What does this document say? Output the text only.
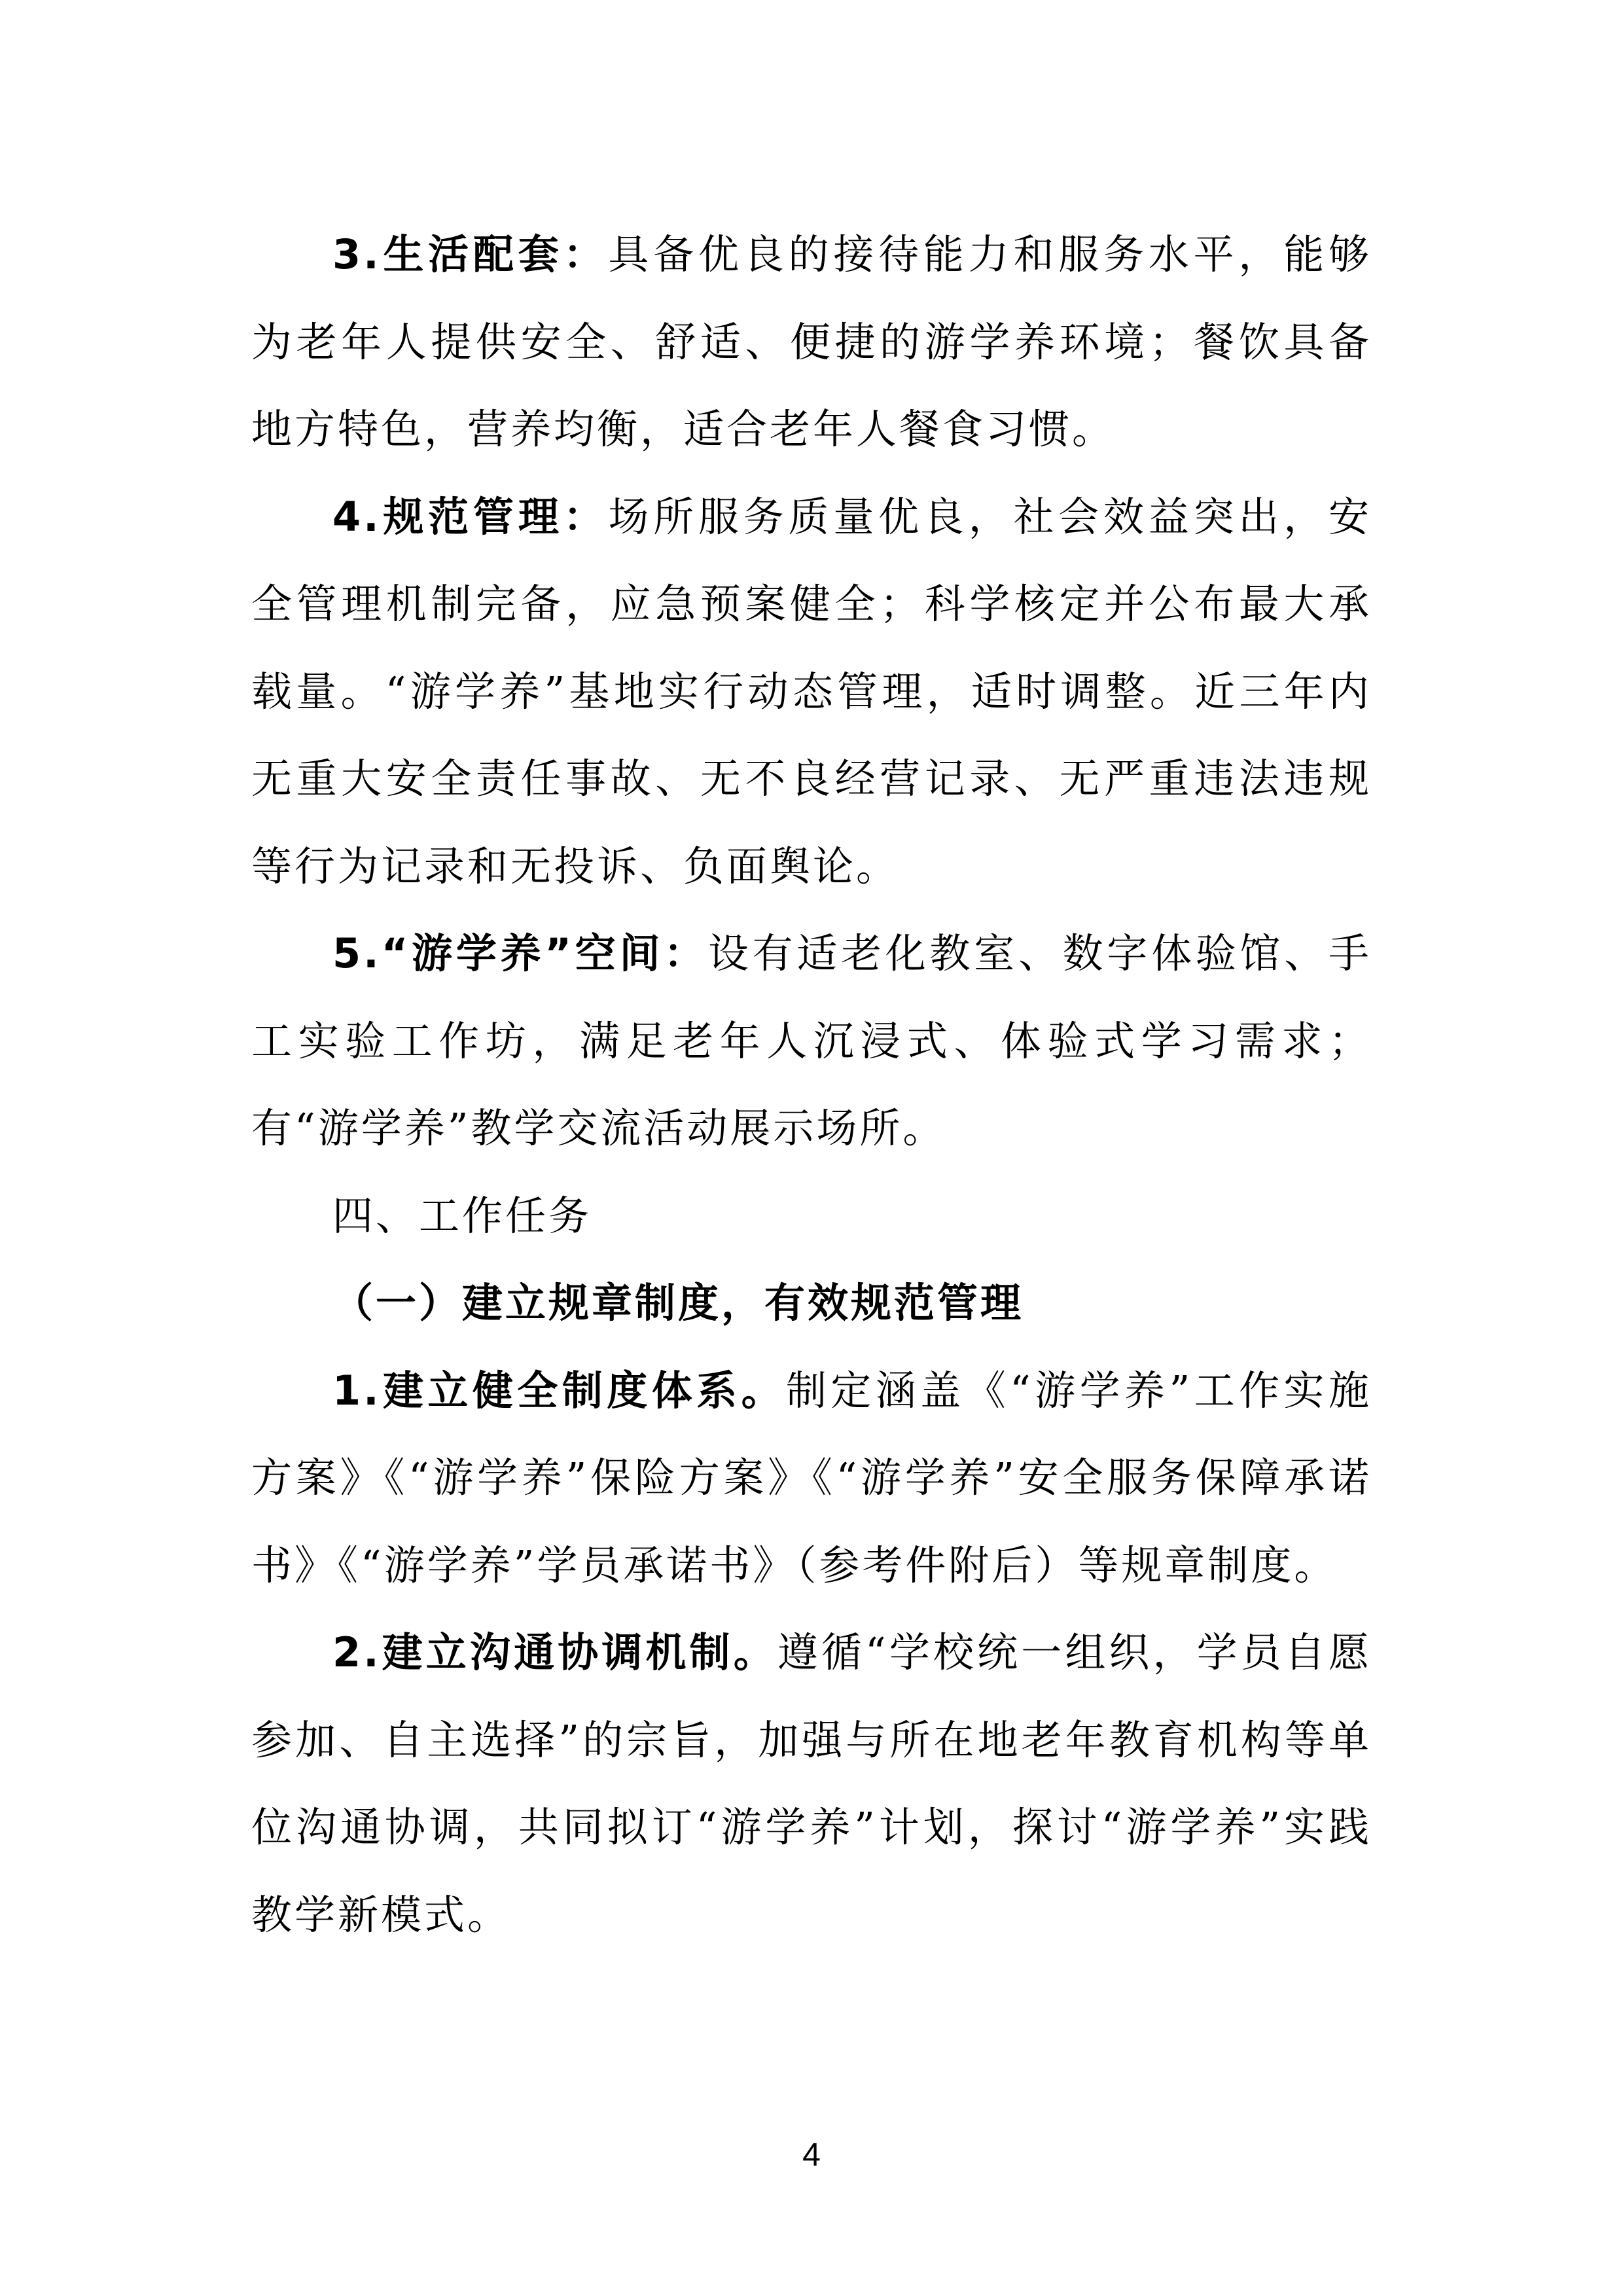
3.生活配套：具备优良的接待能力和服务水平，能够为老年人提供安全、舒适、便捷的游学养环境；餐饮具备地方特色，营养均衡，适合老年人餐食习惯。

4.规范管理：场所服务质量优良，社会效益突出，安全管理机制完备，应急预案健全；科学核定并公布最大承载量。“游学养”基地实行动态管理，适时调整。近三年内无重大安全责任事故、无不良经营记录、无严重违法违规等行为记录和无投诉、负面舆论。

5.“游学养”空间：设有适老化教室、数字体验馆、手工实验工作坊，满足老年人沉浸式、体验式学习需求；有“游学养”教学交流活动展示场所。

四、工作任务

（一）建立规章制度，有效规范管理

1.建立健全制度体系。制定涵盖《“游学养”工作实施方案》《“游学养”保险方案》《“游学养”安全服务保障承诺书》《“游学养”学员承诺书》（参考件附后）等规章制度。

2.建立沟通协调机制。遵循“学校统一组织，学员自愿参加、自主选择”的宗旨，加强与所在地老年教育机构等单位沟通协调，共同拟订“游学养”计划，探讨“游学养”实践教学新模式。

4
